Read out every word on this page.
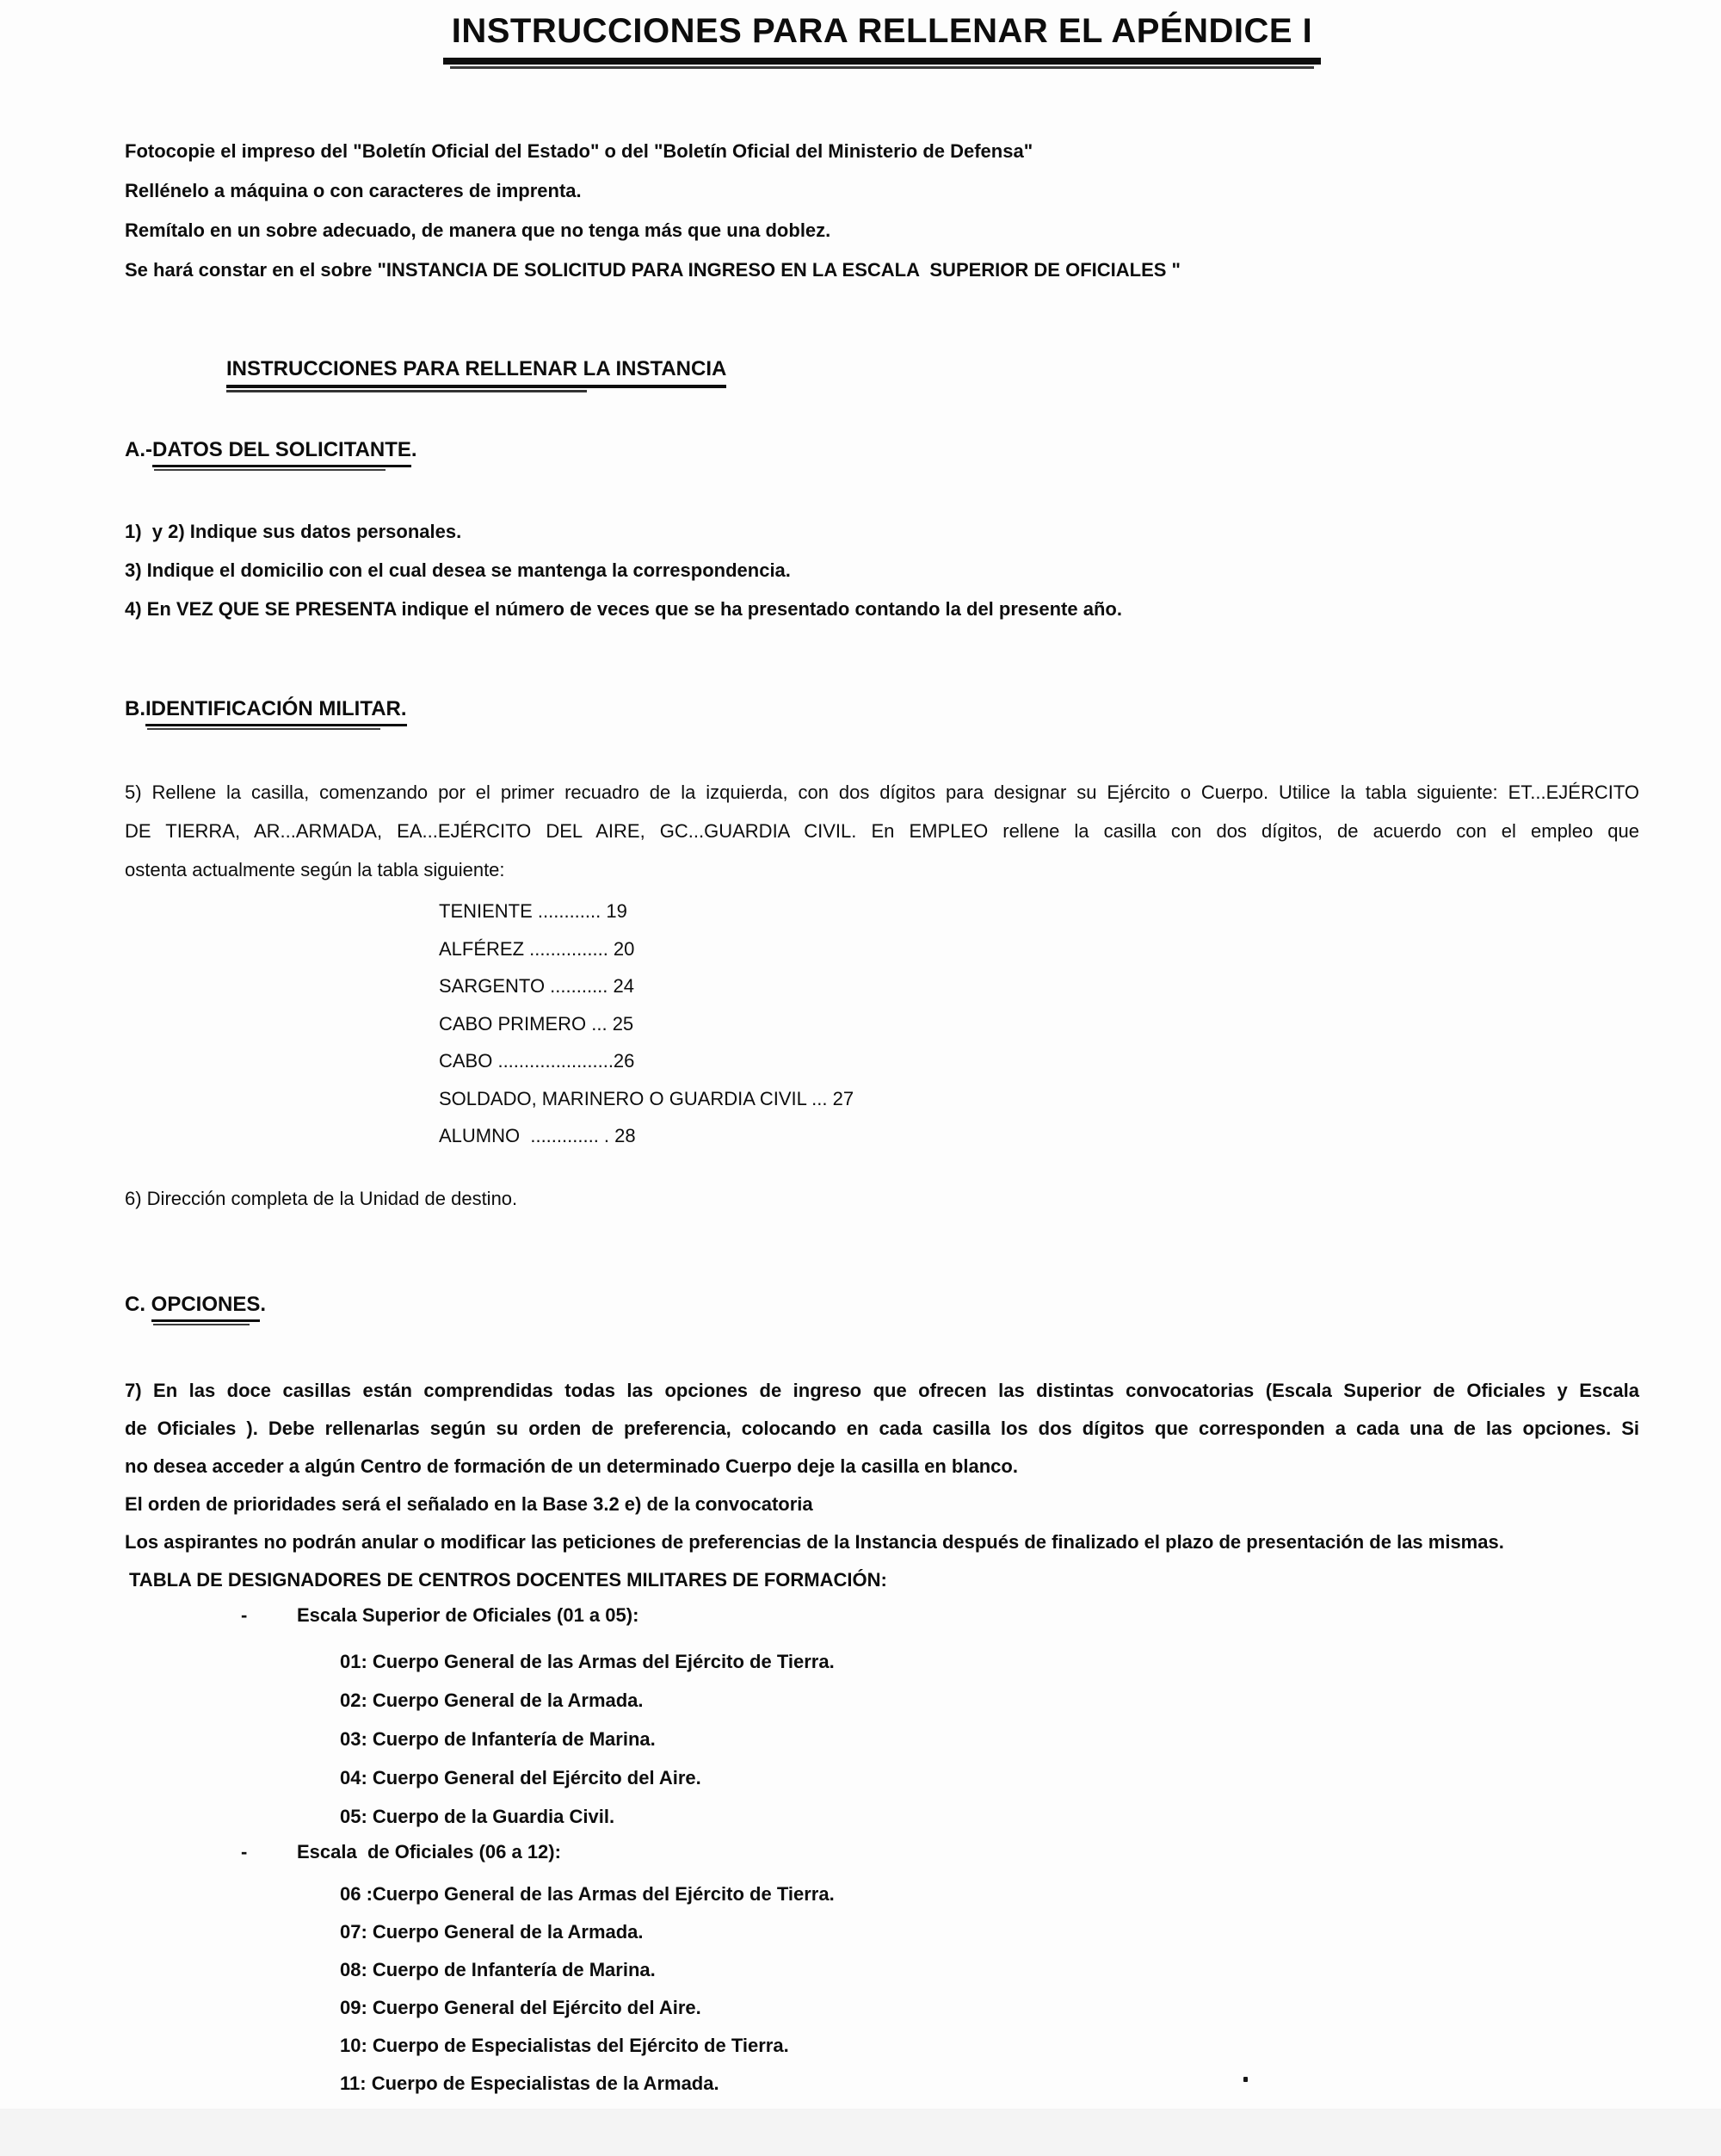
INSTRUCCIONES PARA RELLENAR EL APÉNDICE I
Fotocopie el impreso del "Boletín Oficial del Estado" o del "Boletín Oficial del Ministerio de Defensa"
Rellénelo a máquina o con caracteres de imprenta.
Remítalo en un sobre adecuado, de manera que no tenga más que una doblez.
Se hará constar en el sobre "INSTANCIA DE SOLICITUD PARA INGRESO EN LA ESCALA  SUPERIOR DE OFICIALES "
INSTRUCCIONES PARA RELLENAR LA INSTANCIA
A.-DATOS DEL SOLICITANTE.
1)  y 2) Indique sus datos personales.
3) Indique el domicilio con el cual desea se mantenga la correspondencia.
4) En VEZ QUE SE PRESENTA indique el número de veces que se ha presentado contando la del presente año.
B.IDENTIFICACIÓN MILITAR.
5) Rellene la casilla, comenzando por el primer recuadro de la izquierda, con dos dígitos para designar su Ejército o Cuerpo. Utilice la tabla siguiente: ET...EJÉRCITO
DE TIERRA, AR...ARMADA, EA...EJÉRCITO DEL AIRE, GC...GUARDIA CIVIL. En EMPLEO rellene la casilla con dos dígitos, de acuerdo con el empleo que
ostenta actualmente según la tabla siguiente:
TENIENTE ............ 19
ALFÉREZ ............... 20
SARGENTO ........... 24
CABO PRIMERO ... 25
CABO ......................26
SOLDADO, MARINERO O GUARDIA CIVIL ... 27
ALUMNO  ............. . 28
6) Dirección completa de la Unidad de destino.
C. OPCIONES.
7) En las doce casillas están comprendidas todas las opciones de ingreso que ofrecen las distintas convocatorias (Escala Superior de Oficiales y Escala
de Oficiales ). Debe rellenarlas según su orden de preferencia, colocando en cada casilla los dos dígitos que corresponden a cada una de las opciones. Si
no desea acceder a algún Centro de formación de un determinado Cuerpo deje la casilla en blanco.
El orden de prioridades será el señalado en la Base 3.2 e) de la convocatoria
Los aspirantes no podrán anular o modificar las peticiones de preferencias de la Instancia después de finalizado el plazo de presentación de las mismas.
TABLA DE DESIGNADORES DE CENTROS DOCENTES MILITARES DE FORMACIÓN:
-	Escala Superior de Oficiales (01 a 05):
01: Cuerpo General de las Armas del Ejército de Tierra.
02: Cuerpo General de la Armada.
03: Cuerpo de Infantería de Marina.
04: Cuerpo General del Ejército del Aire.
05: Cuerpo de la Guardia Civil.
-	Escala  de Oficiales (06 a 12):
06 :Cuerpo General de las Armas del Ejército de Tierra.
07: Cuerpo General de la Armada.
08: Cuerpo de Infantería de Marina.
09: Cuerpo General del Ejército del Aire.
10: Cuerpo de Especialistas del Ejército de Tierra.
11: Cuerpo de Especialistas de la Armada.
